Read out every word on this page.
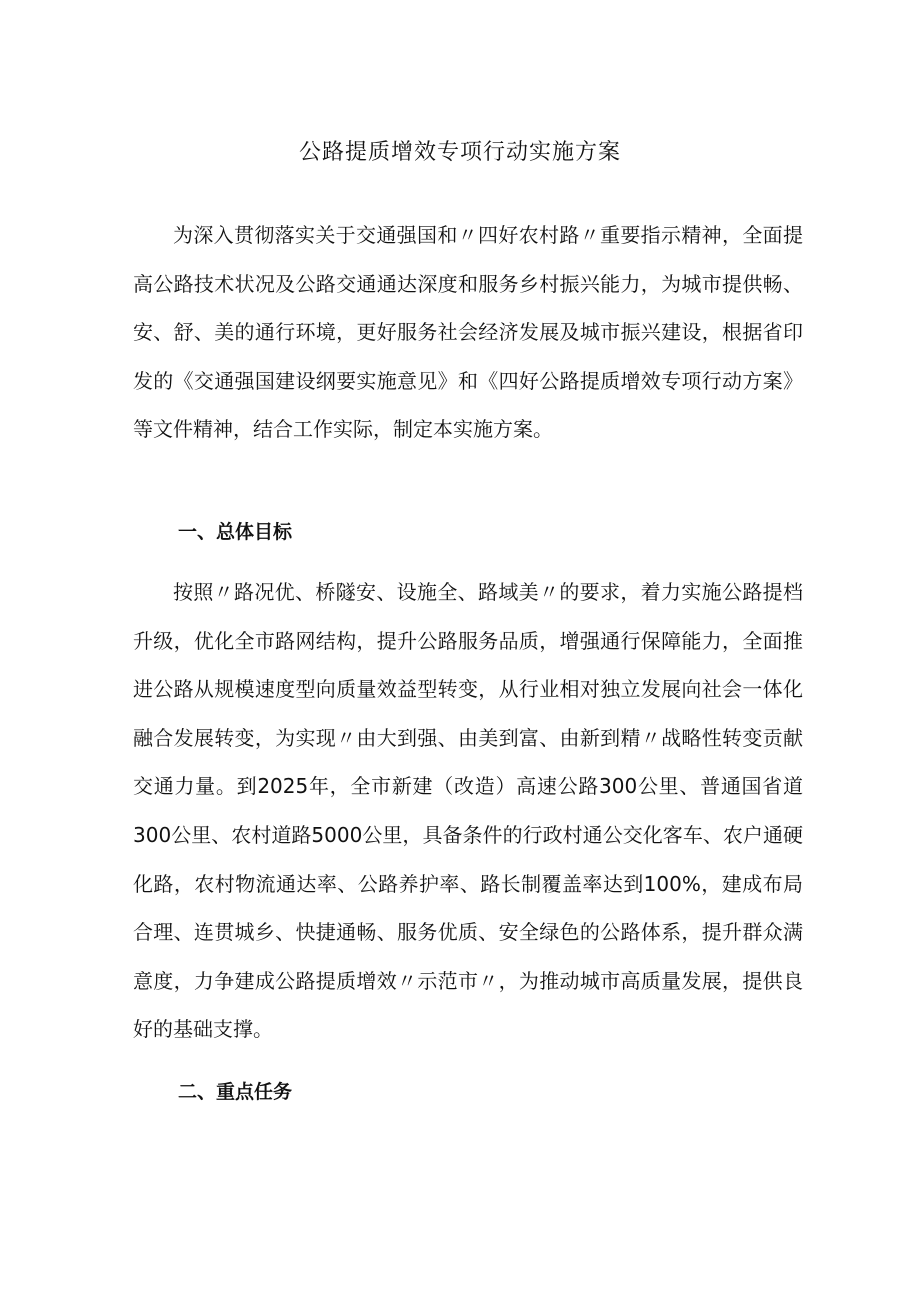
公路提质增效专项行动实施方案

为深入贯彻落实关于交通强国和〃四好农村路〃重要指示精神，全面提高公路技术状况及公路交通通达深度和服务乡村振兴能力，为城市提供畅、安、舒、美的通行环境，更好服务社会经济发展及城市振兴建设，根据省印发的《交通强国建设纲要实施意见》和《四好公路提质增效专项行动方案》等文件精神，结合工作实际，制定本实施方案。

一、总体目标

按照〃路况优、桥隧安、设施全、路域美〃的要求，着力实施公路提档升级，优化全市路网结构，提升公路服务品质，增强通行保障能力，全面推进公路从规模速度型向质量效益型转变，从行业相对独立发展向社会一体化融合发展转变，为实现〃由大到强、由美到富、由新到精〃战略性转变贡献交通力量。到2025年，全市新建（改造）高速公路300公里、普通国省道300公里、农村道路5000公里，具备条件的行政村通公交化客车、农户通硬化路，农村物流通达率、公路养护率、路长制覆盖率达到100%，建成布局合理、连贯城乡、快捷通畅、服务优质、安全绿色的公路体系，提升群众满意度，力争建成公路提质增效〃示范市〃，为推动城市高质量发展，提供良好的基础支撑。

二、重点任务
